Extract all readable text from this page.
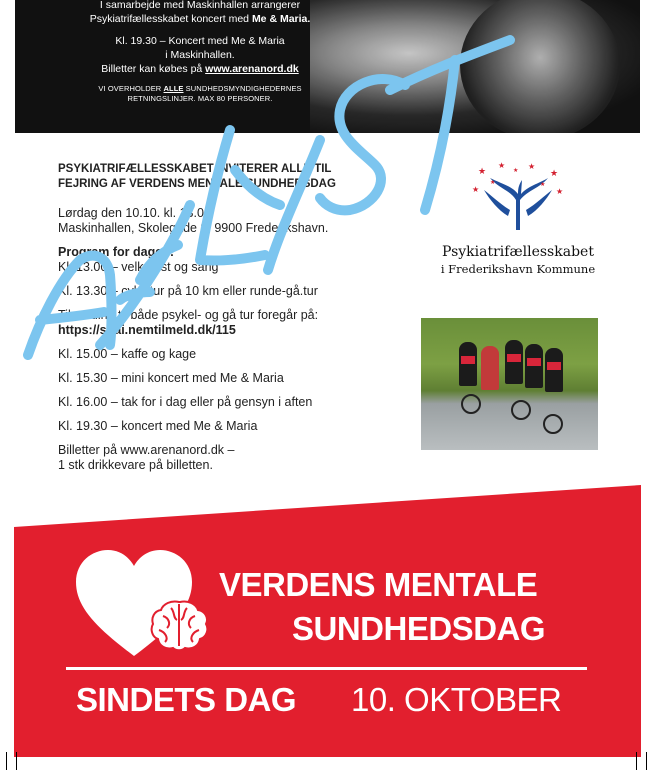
I samarbejde med Maskinhallen arrangerer

Psykiatrifællesskabet koncert med Me & Maria.

Kl. 19.30 – Koncert med Me & Maria

i Maskinhallen.

Billetter kan købes på www.arenanord.dk

VI OVERHOLDER ALLE SUNDHEDSMYNDIGHEDERNES

RETNINGSLINJER. MAX 80 PERSONER.

PSYKIATRIFÆLLESSKABET INVITERER ALLE TIL
FEJRING AF VERDENS MENTALE SUNDHEDSDAG

Lørdag den 10.10. kl. 13.00

Maskinhallen, Skolegade 8, 9900 Frederikshavn.

Program for dagen:

Kl. 13.00 – velkomst og sang

Kl. 13.30 – cykeltur på 10 km eller runde-gå.tur

Tilmelding til både psykel- og gå tur foregår på:

https://sdai.nemtilmeld.dk/115

Kl. 15.00 – kaffe og kage

Kl. 15.30 – mini koncert med Me & Maria

Kl. 16.00 – tak for i dag eller på gensyn i aften

Kl. 19.30 – koncert med Me & Maria

Billetter på www.arenanord.dk –

1 stk drikkevare på billetten.

★
★	★
★
★	★
★	★
★
Psykiatrifællesskabet
i Frederikshavn Kommune
VERDENS MENTALE
SUNDHEDSDAG
SINDETS DAG 10. OKTOBER
